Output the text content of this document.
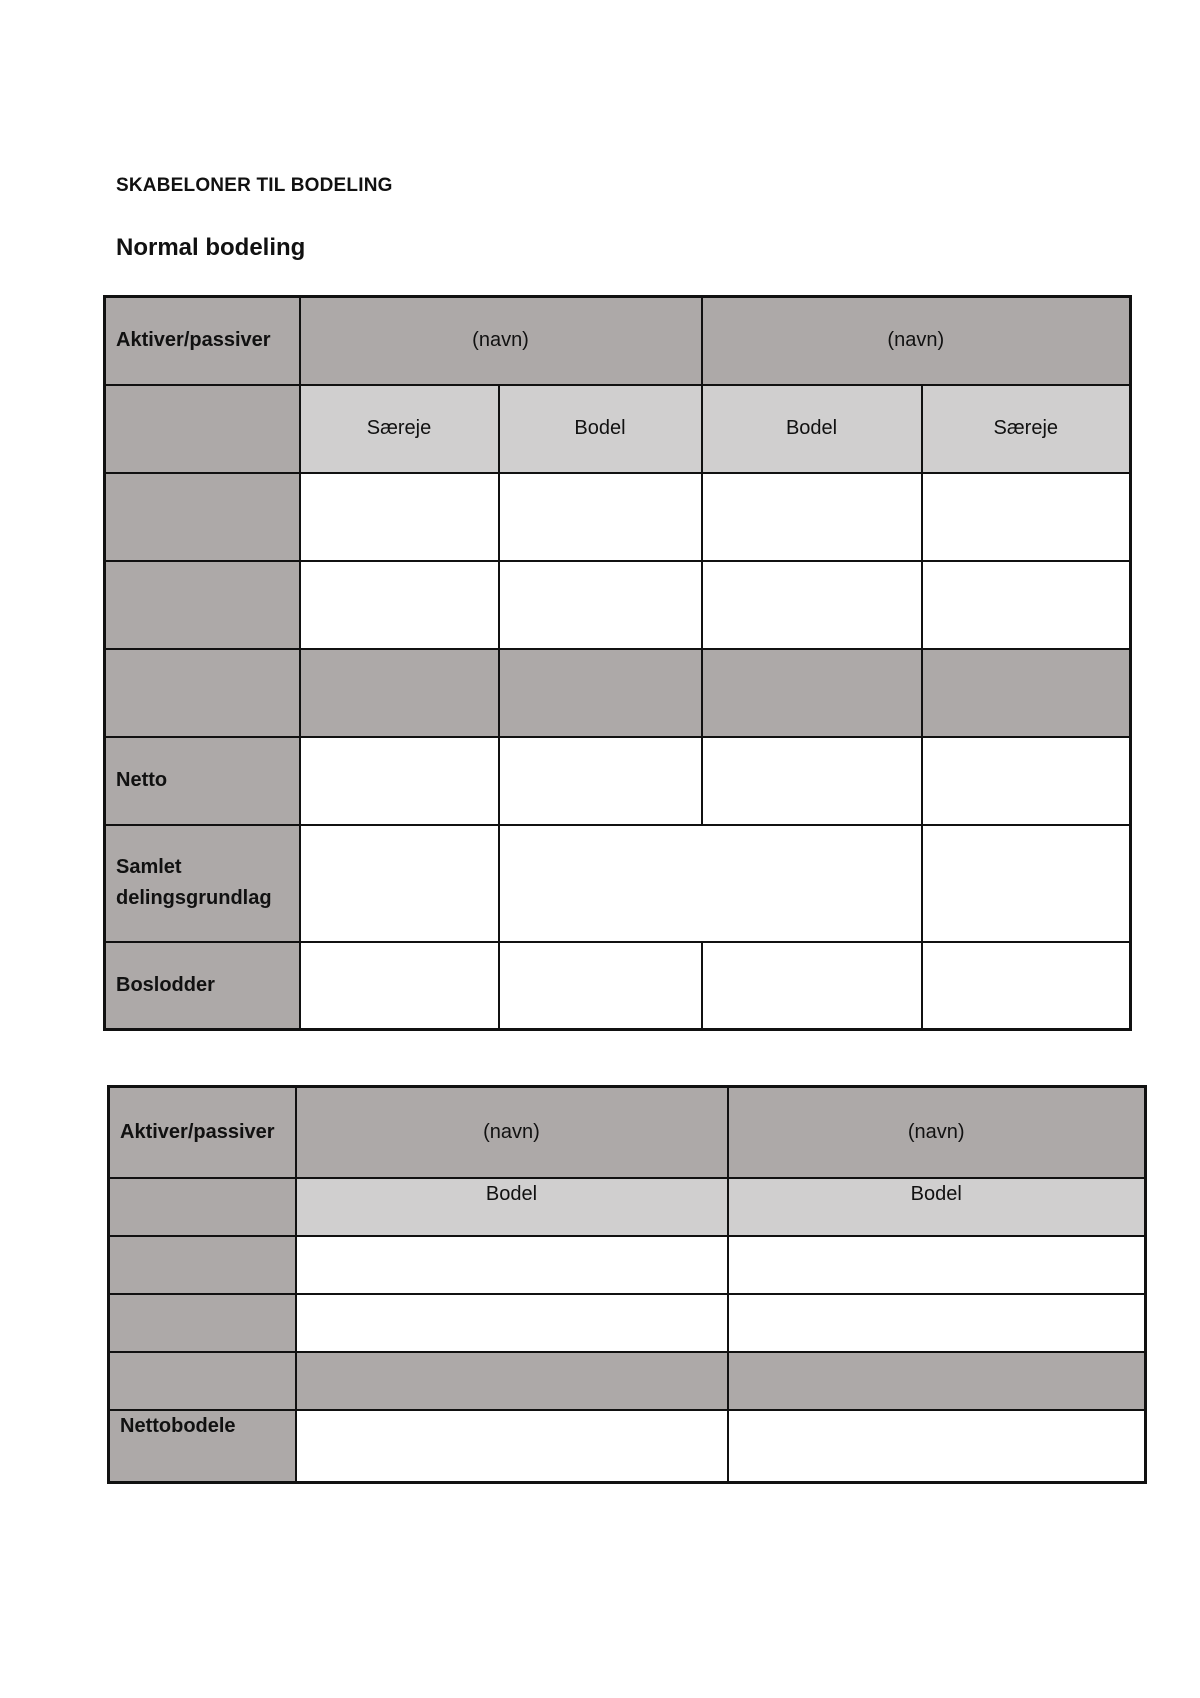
SKABELONER TIL BODELING
Normal bodeling
Aktiver/passiver	(navn)		(navn)	
	Særeje	Bodel	Bodel	Særeje

Netto				
Samlet delingsgrundlag				
Boslodder				
Aktiver/passiver	(navn)	(navn)
	Bodel	Bodel

Nettobodele		
